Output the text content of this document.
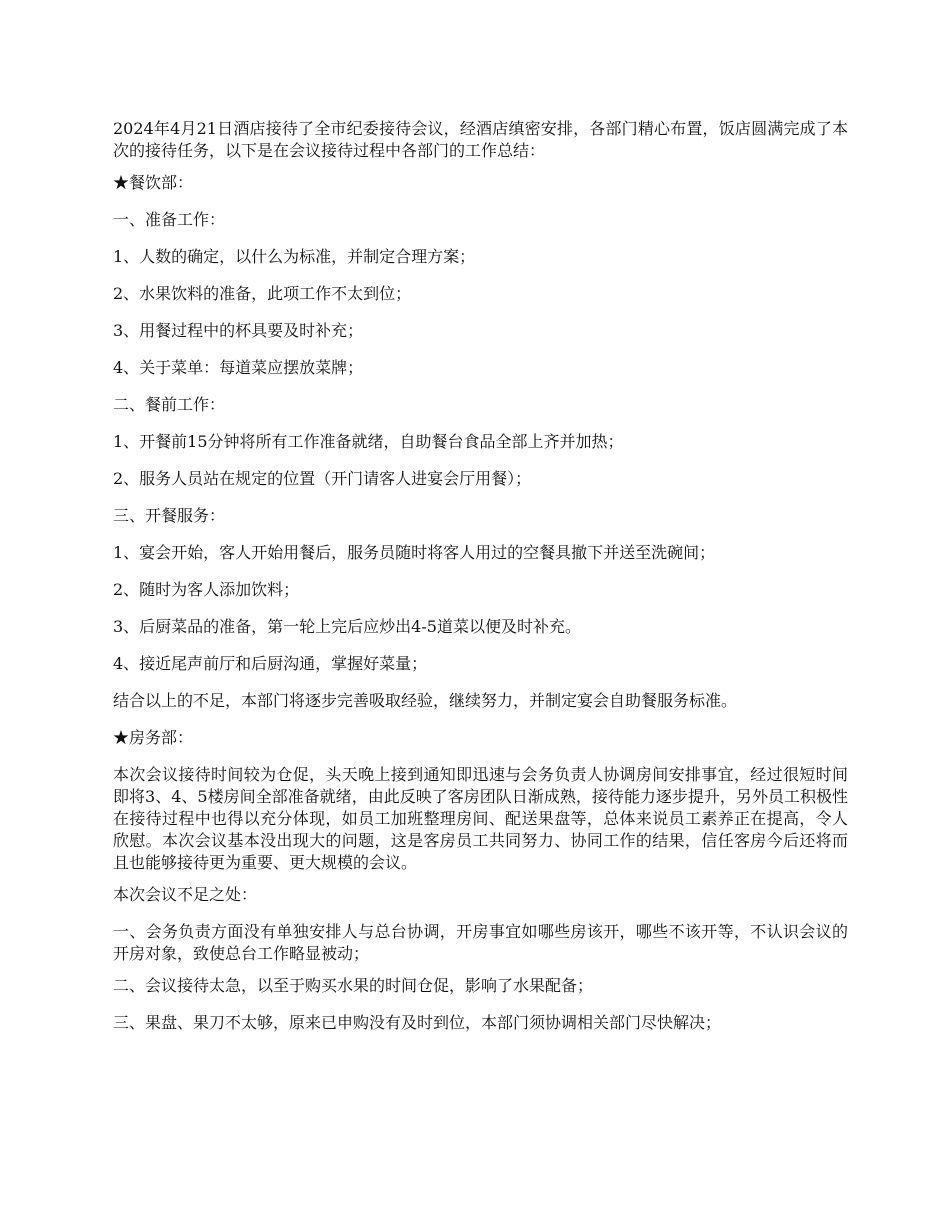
2024年4月21日酒店接待了全市纪委接待会议，经酒店缜密安排，各部门精心布置，饭店圆满完成了本次的接待任务，以下是在会议接待过程中各部门的工作总结：

★餐饮部：

一、准备工作：

1、人数的确定，以什么为标准，并制定合理方案；

2、水果饮料的准备，此项工作不太到位；

3、用餐过程中的杯具要及时补充；

4、关于菜单：每道菜应摆放菜牌；

二、餐前工作：

1、开餐前15分钟将所有工作准备就绪，自助餐台食品全部上齐并加热；

2、服务人员站在规定的位置（开门请客人进宴会厅用餐）；

三、开餐服务：

1、宴会开始，客人开始用餐后，服务员随时将客人用过的空餐具撤下并送至洗碗间；

2、随时为客人添加饮料；

3、后厨菜品的准备，第一轮上完后应炒出4-5道菜以便及时补充。

4、接近尾声前厅和后厨沟通，掌握好菜量；

结合以上的不足，本部门将逐步完善吸取经验，继续努力，并制定宴会自助餐服务标准。

★房务部：

本次会议接待时间较为仓促，头天晚上接到通知即迅速与会务负责人协调房间安排事宜，经过很短时间即将3、4、5楼房间全部准备就绪，由此反映了客房团队日渐成熟，接待能力逐步提升，另外员工积极性在接待过程中也得以充分体现，如员工加班整理房间、配送果盘等，总体来说员工素养正在提高，令人欣慰。本次会议基本没出现大的问题，这是客房员工共同努力、协同工作的结果，信任客房今后还将而且也能够接待更为重要、更大规模的会议。

本次会议不足之处：

一、会务负责方面没有单独安排人与总台协调，开房事宜如哪些房该开，哪些不该开等，不认识会议的开房对象，致使总台工作略显被动；

二、会议接待太急，以至于购买水果的时间仓促，影响了水果配备；

三、果盘、果刀不太够，原来已申购没有及时到位，本部门须协调相关部门尽快解决；
